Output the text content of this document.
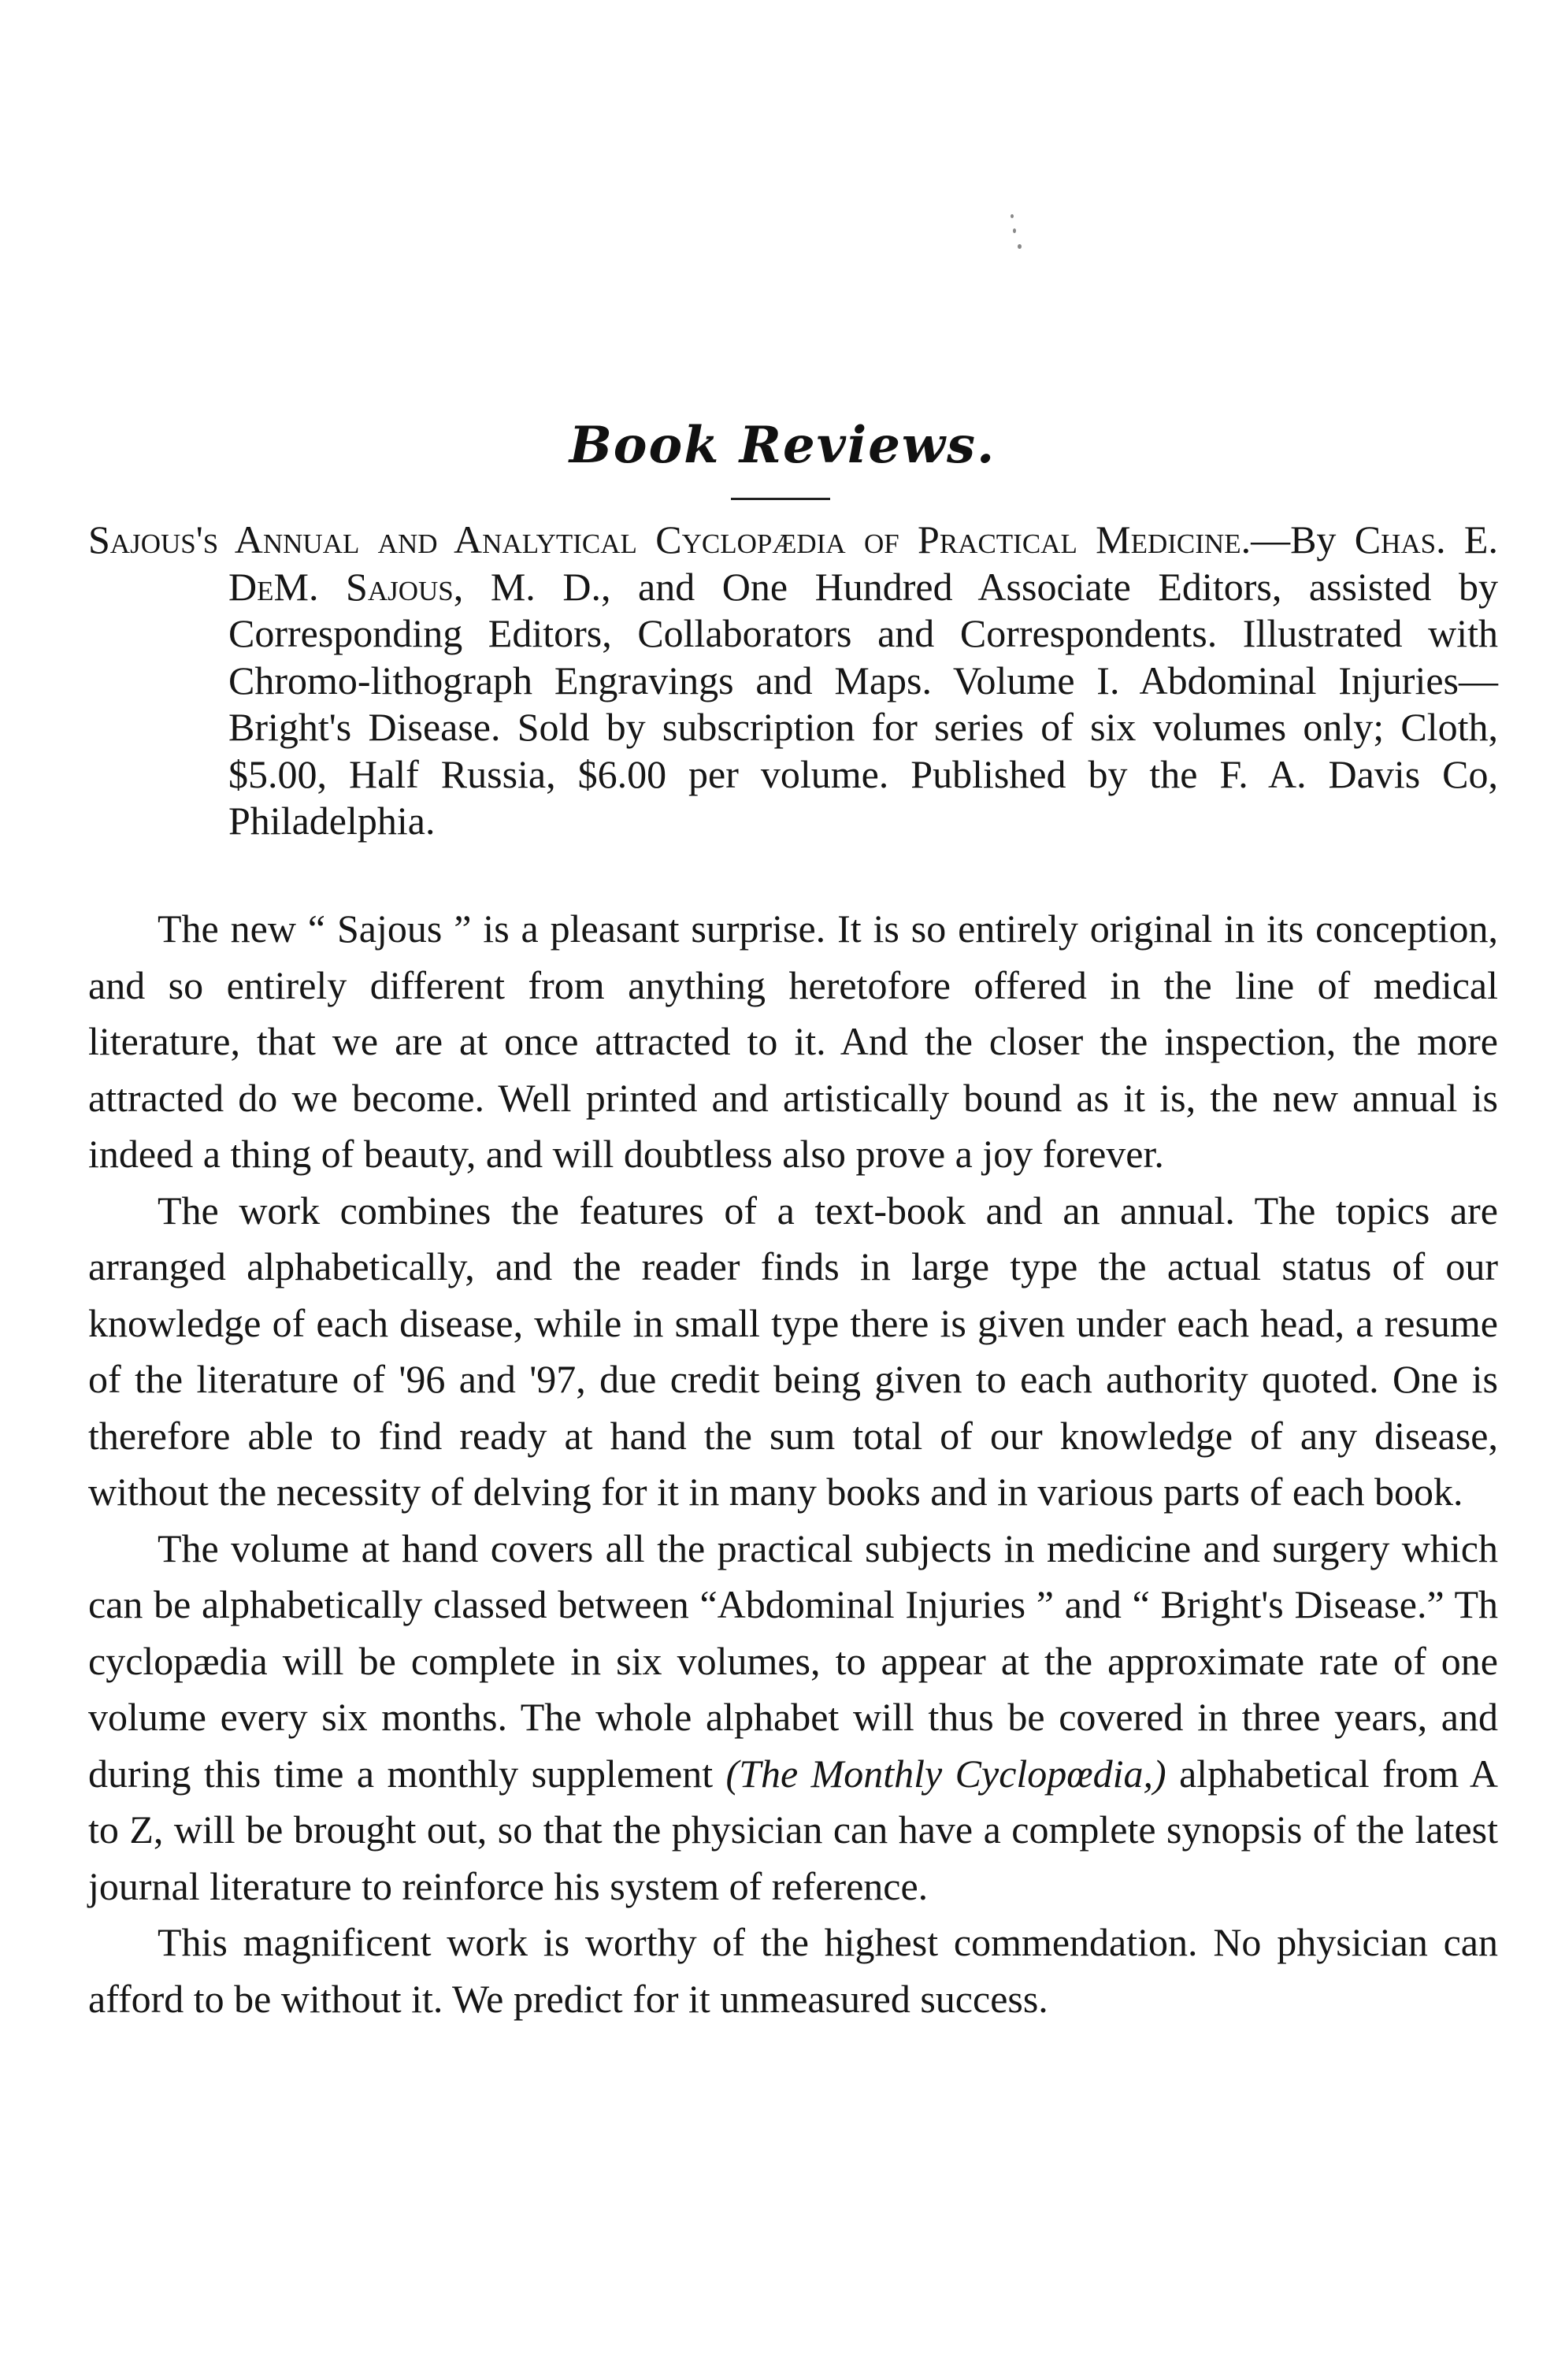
Book Reviews.

Sajous's Annual and Analytical Cyclopædia of Practical Medicine.—By Chas. E. DeM. Sajous, M. D., and One Hundred Associate Editors, assisted by Corresponding Editors, Collaborators and Correspondents. Illustrated with Chromo-lithograph Engravings and Maps. Volume I. Abdominal Injuries—Bright's Disease. Sold by subscription for series of six volumes only; Cloth, $5.00, Half Russia, $6.00 per volume. Published by the F. A. Davis Co, Philadelphia.

The new “ Sajous ” is a pleasant surprise. It is so entirely original in its conception, and so entirely different from anything heretofore offered in the line of medical literature, that we are at once attracted to it. And the closer the inspection, the more attracted do we become. Well printed and artistically bound as it is, the new annual is indeed a thing of beauty, and will doubtless also prove a joy forever.

The work combines the features of a text-book and an annual. The topics are arranged alphabetically, and the reader finds in large type the actual status of our knowledge of each disease, while in small type there is given under each head, a resume of the literature of '96 and '97, due credit being given to each authority quoted. One is therefore able to find ready at hand the sum total of our knowledge of any disease, without the necessity of delving for it in many books and in various parts of each book.

The volume at hand covers all the practical subjects in medicine and surgery which can be alphabetically classed between “Abdominal Injuries ” and “ Bright's Disease.” Th cyclopædia will be complete in six volumes, to appear at the approximate rate of one volume every six months. The whole alphabet will thus be covered in three years, and during this time a monthly supplement (The Monthly Cyclopœdia,) alphabetical from A to Z, will be brought out, so that the physician can have a complete synopsis of the latest journal literature to reinforce his system of reference.

This magnificent work is worthy of the highest commendation. No physician can afford to be without it. We predict for it unmeasured success.
